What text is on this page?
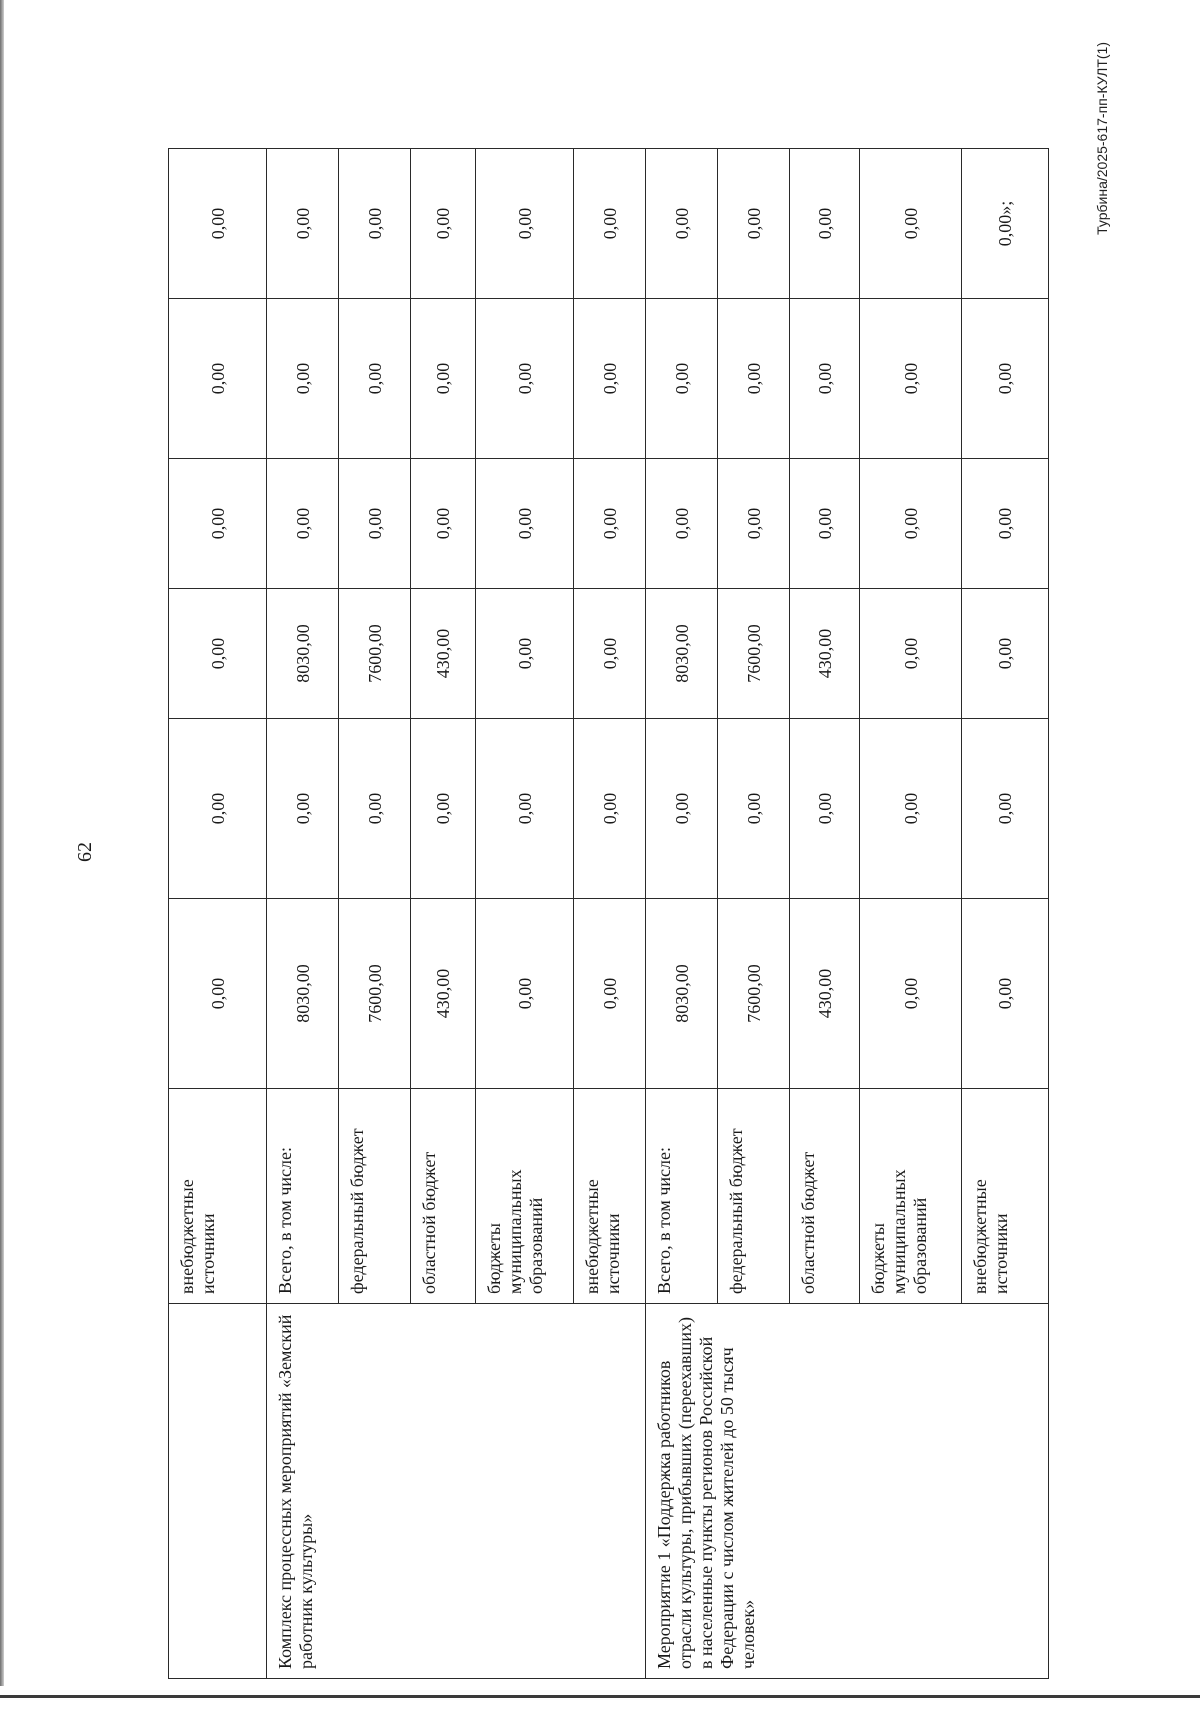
62
	внебюджетные источники	0,00	0,00	0,00	0,00	0,00	0,00
Комплекс процессных мероприятий «Земский работник культуры»	Всего, в том числе:	8030,00	0,00	8030,00	0,00	0,00	0,00
	федеральный бюджет	7600,00	0,00	7600,00	0,00	0,00	0,00
	областной бюджет	430,00	0,00	430,00	0,00	0,00	0,00
	бюджеты муниципальных образований	0,00	0,00	0,00	0,00	0,00	0,00
	внебюджетные источники	0,00	0,00	0,00	0,00	0,00	0,00
Мероприятие 1 «Поддержка работников отрасли культуры, прибывших (переехавших) в населенные пункты регионов Российской Федерации с числом жителей до 50 тысяч человек»	Всего, в том числе:	8030,00	0,00	8030,00	0,00	0,00	0,00
	федеральный бюджет	7600,00	0,00	7600,00	0,00	0,00	0,00
	областной бюджет	430,00	0,00	430,00	0,00	0,00	0,00
	бюджеты муниципальных образований	0,00	0,00	0,00	0,00	0,00	0,00
	внебюджетные источники	0,00	0,00	0,00	0,00	0,00	0,00»;	Турбина/2025-617-пп-КУЛТ(1)
